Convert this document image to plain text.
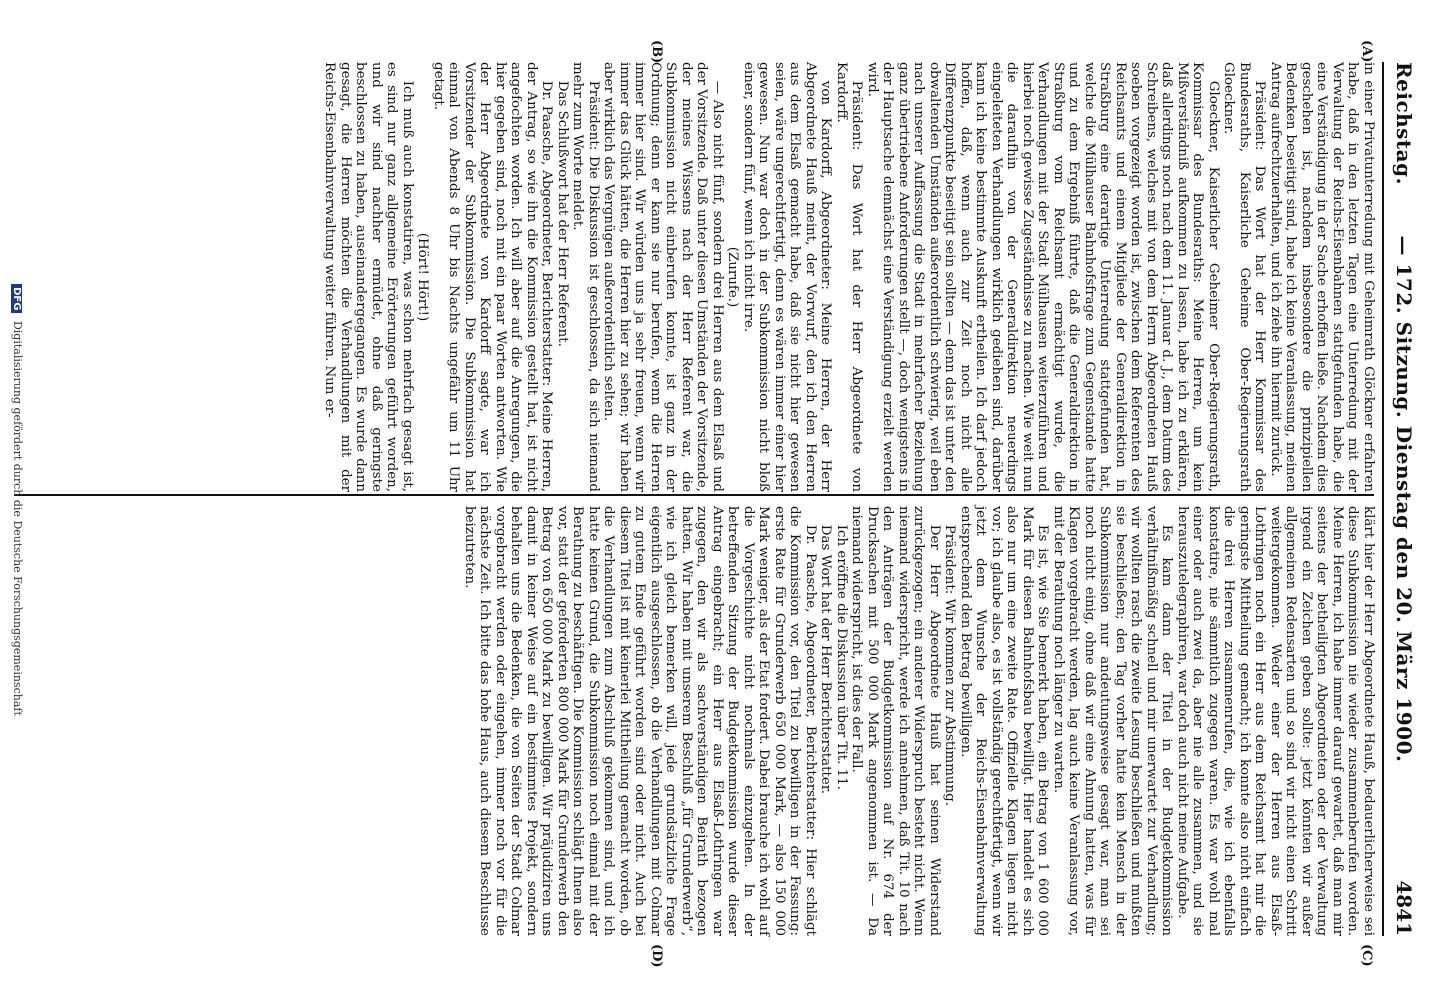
Reichstag.
— 172. Sitzung. Dienstag den 20. März 1900.
4841
(A)
(B)
(C)
(D)

in einer Privatunterredung mit Geheimrath Glöckner erfahren habe, daß in den letzten Tagen eine Unterredung mit der Verwaltung der Reichs-Eisenbahnen stattgefunden habe, die eine Verständigung in der Sache erhoffen ließe. Nachdem dies geschehen ist, nachdem insbesondere die prinzipiellen Bedenken beseitigt sind, habe ich keine Veranlassung, meinen Antrag aufrechtzuerhalten, und ich ziehe ihn hiermit zurück.

Präsident: Das Wort hat der Herr Kommissar des Bundesraths, Kaiserliche Geheime Ober-Regierungsrath Gloeckner.

Gloeckner, Kaiserlicher Geheimer Ober-Regierungsrath, Kommissar des Bundesraths: Meine Herren, um kein Mißverständniß aufkommen zu lassen, habe ich zu erklären, daß allerdings noch nach dem 11. Januar d. J., dem Datum des Schreibens, welches mit von dem Herrn Abgeordneten Hauß soeben vorgezeigt worden ist, zwischen dem Referenten des Reichsamts und einem Mitgliede der Generaldirektion in Straßburg eine derartige Unterredung stattgefunden hat, welche die Mülhauser Bahnhofsfrage zum Gegenstande hatte und zu dem Ergebniß führte, daß die Generaldirektion in Straßburg vom Reichsamt ermächtigt wurde, die Verhandlungen mit der Stadt Mülhausen weiterzuführen und hierbei noch gewisse Zugeständnisse zu machen. Wie weit nun die daraufhin von der Generaldirektion neuerdings eingeleiteten Verhandlungen wirklich gediehen sind, darüber kann ich keine bestimmte Auskunft ertheilen. Ich darf jedoch hoffen, daß, wenn auch zur Zeit noch nicht alle Differenzpunkte beseitigt sein sollten — denn das ist unter den obwaltenden Umständen außerordentlich schwierig, weil eben nach unserer Auffassung die Stadt in mehrfacher Beziehung ganz übertriebene Anforderungen stellt —, doch wenigstens in der Hauptsache demnächst eine Verständigung erzielt werden wird.

Präsident: Das Wort hat der Herr Abgeordnete von Kardorff.

von Kardorff, Abgeordneter: Meine Herren, der Herr Abgeordnete Hauß meint, der Vorwurf, den ich den Herren aus dem Elsaß gemacht habe, daß sie nicht hier gewesen seien, wäre ungerechtfertigt, denn es wären immer einer hier gewesen. Nun war doch in der Subkommission nicht bloß einer, sondern fünf, wenn ich nicht irre.

(Zurufe.)

— Also nicht fünf, sondern drei Herren aus dem Elsaß und der Vorsitzende. Daß unter diesen Umständen der Vorsitzende, der meines Wissens nach der Herr Referent war, die Subkommission nicht einberufen konnte, ist ganz in der Ordnung; denn er kann sie nur berufen, wenn die Herren immer hier sind. Wir würden uns ja sehr freuen, wenn wir immer das Glück hätten, die Herren hier zu sehen; wir haben aber wirklich das Vergnügen außerordentlich selten.

Präsident: Die Diskussion ist geschlossen, da sich niemand mehr zum Worte meldet.

Das Schlußwort hat der Herr Referent.

Dr. Paasche, Abgeordneter, Berichterstatter: Meine Herren, der Antrag, so wie ihn die Kommission gestellt hat, ist nicht angefochten worden. Ich will aber auf die Anregungen, die hier gegeben sind, noch mit ein paar Worten antworten. Wie der Herr Abgeordnete von Kardorff sagte, war ich Vorsitzender der Subkommission. Die Subkommission hat einmal von Abends 8 Uhr bis Nachts ungefähr um 11 Uhr getagt.

(Hört! Hört!)

Ich muß auch konstatiren, was schon mehrfach gesagt ist, es sind nur ganz allgemeine Erörterungen geführt worden, und wir sind nachher ermüdet, ohne daß geringste beschlossen zu haben, auseinandergegangen. Es wurde dann gesagt, die Herren möchten die Verhandlungen mit der Reichs-Eisenbahnverwaltung weiter führen. Nun er-

klärt hier der Herr Abgeordnete Hauß, bedauerlicherweise sei diese Subkommission nie wieder zusammenberufen worden. Meine Herren, ich habe immer darauf gewartet, daß man mir seitens der betheiligten Abgeordneten oder der Verwaltung irgend ein Zeichen geben sollte: jetzt könnten wir außer allgemeinen Redensarten und so sind wir nicht einen Schritt weitergekommen. Weder einer der Herren aus Elsaß-Lothringen noch ein Herr aus dem Reichsamt hat mir die geringste Mittheilung gemacht; ich konnte also nicht einfach die drei Herren zusammenrufen, die, wie ich ebenfalls konstatire, nie sämmtlich zugegen waren. Es war wohl mal einer oder auch zwei da, aber nie alle zusammen, und sie herauszutelegraphiren, war doch auch nicht meine Aufgabe.

Es kam dann der Titel in der Budgetkommission verhältnißmäßig schnell und mir unerwartet zur Verhandlung; wir wollten rasch die zweite Lesung beschließen und mußten sie beschließen; den Tag vorher hatte kein Mensch in der Subkommission nur andeutungsweise gesagt war, man sei noch nicht einig, ohne daß wir eine Ahnung hatten, was für Klagen vorgebracht werden, lag auch keine Veranlassung vor, mit der Berathung noch länger zu warten.

Es ist, wie Sie bemerkt haben, ein Betrag von 1 600 000 Mark für diesen Bahnhofsbau bewilligt. Hier handelt es sich also nur um eine zweite Rate. Offizielle Klagen liegen nicht vor; ich glaube also, es ist vollständig gerechtfertigt, wenn wir jetzt dem Wunsche der Reichs-Eisenbahnverwaltung entsprechend den Betrag bewilligen.

Präsident: Wir kommen zur Abstimmung.

Der Herr Abgeordnete Hauß hat seinen Widerstand zurückgezogen; ein anderer Widerspruch besteht nicht. Wenn niemand widerspricht, werde ich annehmen, daß Tit. 10 nach den Anträgen der Budgetkommission auf Nr. 674 der Drucksachen mit 500 000 Mark angenommen ist. — Da niemand widerspricht, ist dies der Fall.

Ich eröffne die Diskussion über Tit. 11.

Das Wort hat der Herr Berichterstatter.

Dr. Paasche, Abgeordneter, Berichterstatter: Hier schlägt die Kommission vor, den Titel zu bewilligen in der Fassung: erste Rate für Grunderwerb 650 000 Mark, — also 150 000 Mark weniger, als der Etat fordert. Dabei brauche ich wohl auf die Vorgeschichte nicht nochmals einzugehen. In der betreffenden Sitzung der Budgetkommission wurde dieser Antrag eingebracht; ein Herr aus Elsaß-Lothringen war zugegen, den wir als sachverständigen Beirath bezogen hatten. Wir haben mit unserem Beschluß „für Grunderwerb“, wie ich gleich bemerken will, jede grundsätzliche Frage eigentlich ausgeschlossen, ob die Verhandlungen mit Colmar zu gutem Ende geführt worden sind oder nicht. Auch bei diesem Titel ist mit keinerlei Mittheilung gemacht worden, ob die Verhandlungen zum Abschluß gekommen sind, und ich hatte keinen Grund, die Subkommission noch einmal mit der Berathung zu beschäftigen. Die Kommission schlägt Ihnen also vor, statt der geforderten 800 000 Mark für Grunderwerb den Betrag von 650 000 Mark zu bewilligen. Wir präjudiziren uns damit in keiner Weise auf ein bestimmtes Projekt, sondern behalten uns die Bedenken, die von Seiten der Stadt Colmar vorgebracht werden oder eingehen, immer noch vor für die nächste Zeit. Ich bitte das hohe Haus, auch diesem Beschlusse beizutreten.

DFG Digitalisierung gefördert durch die Deutsche Forschungsgemeinschaft
